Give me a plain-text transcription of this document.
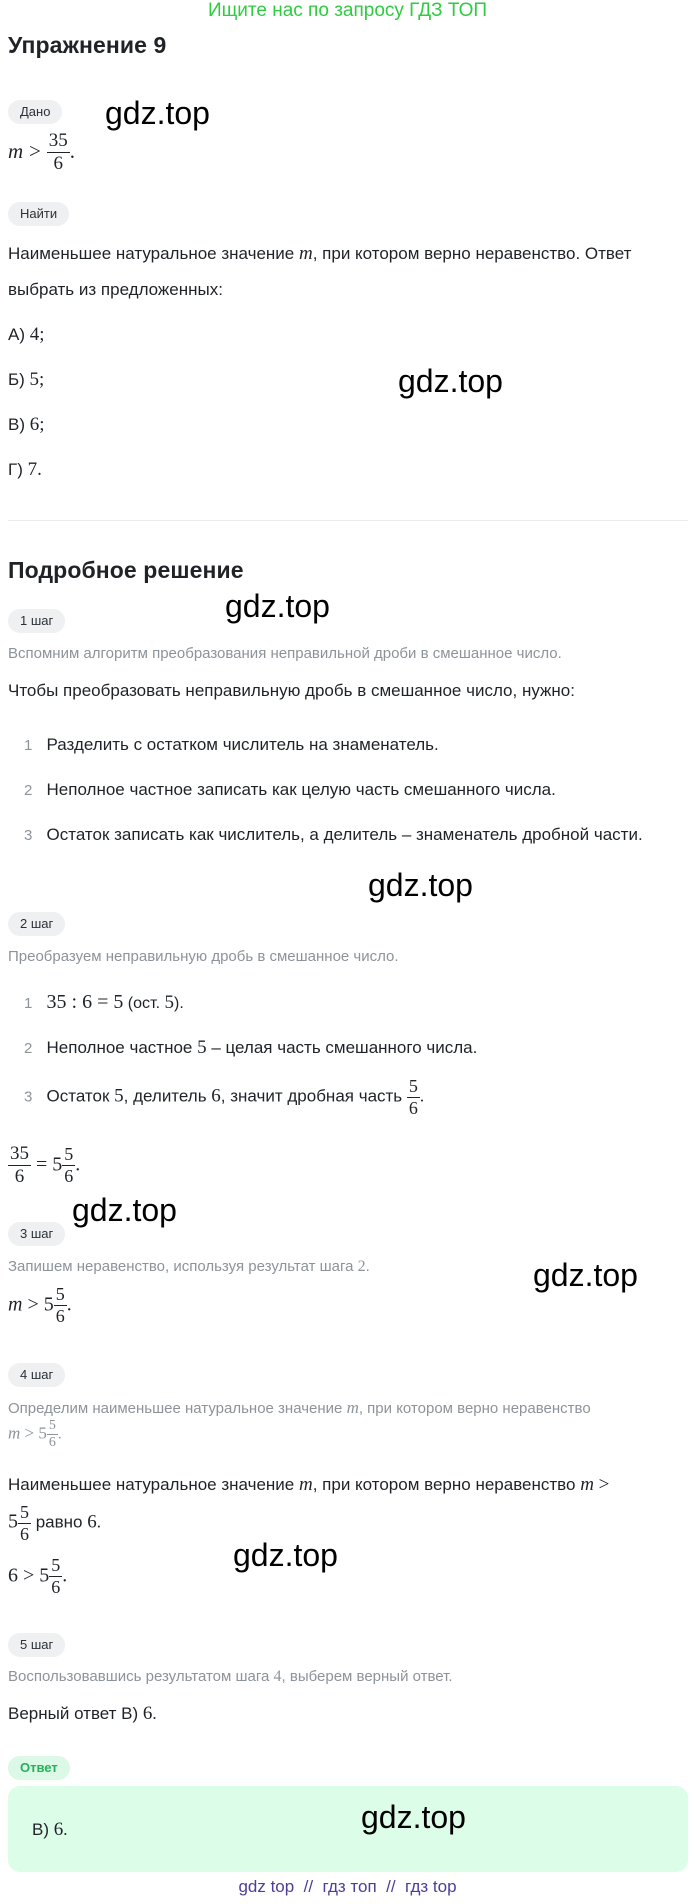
Ищите нас по запросу ГДЗ ТОП
Упражнение 9
Дано	gdz.top
$m > \frac{35}{6}$ .
Найти
Наименьшее натуральное значение m, при котором верно неравенство. Ответ
выбрать из предложенных:
А) 4;
Б) 5;	gdz.top
В) 6;
Г) 7.
Подробное решение
1 шаг	gdz.top
Вспомним алгоритм преобразования неправильной дроби в смешанное число.
Чтобы преобразовать неправильную дробь в смешанное число, нужно:
1 Разделить с остатком числитель на знаменатель.
2 Неполное частное записать как целую часть смешанного числа.
3 Остаток записать как числитель, а делитель – знаменатель дробной части.
gdz.top
2 шаг
Преобразуем неправильную дробь в смешанное число.
1 35 : 6 = 5 (ост. 5).
2 Неполное частное 5 – целая часть смешанного числа.
3 Остаток 5, делитель 6, значит дробная часть $\frac{5}{6}$ .
$\frac{35}{6} = 5 \frac{5}{6}$ .
gdz.top
3 шаг
gdz.top
Запишем неравенство, используя результат шага 2.
$m > 5 \frac{5}{6}$ .
4 шаг
Определим наименьшее натуральное значение m, при котором верно неравенство
$m > 5 \frac{5}{6}$ .
Наименьшее натуральное значение m, при котором верно неравенство m >
$5 \frac{5}{6}$ равно 6.
gdz.top
$6 > 5 \frac{5}{6}$ .
5 шаг
Воспользовавшись результатом шага 4, выберем верный ответ.
Верный ответ В) 6.
Ответ
В) 6.	gdz.top
gdz top  //  гдз топ  //  гдз top
